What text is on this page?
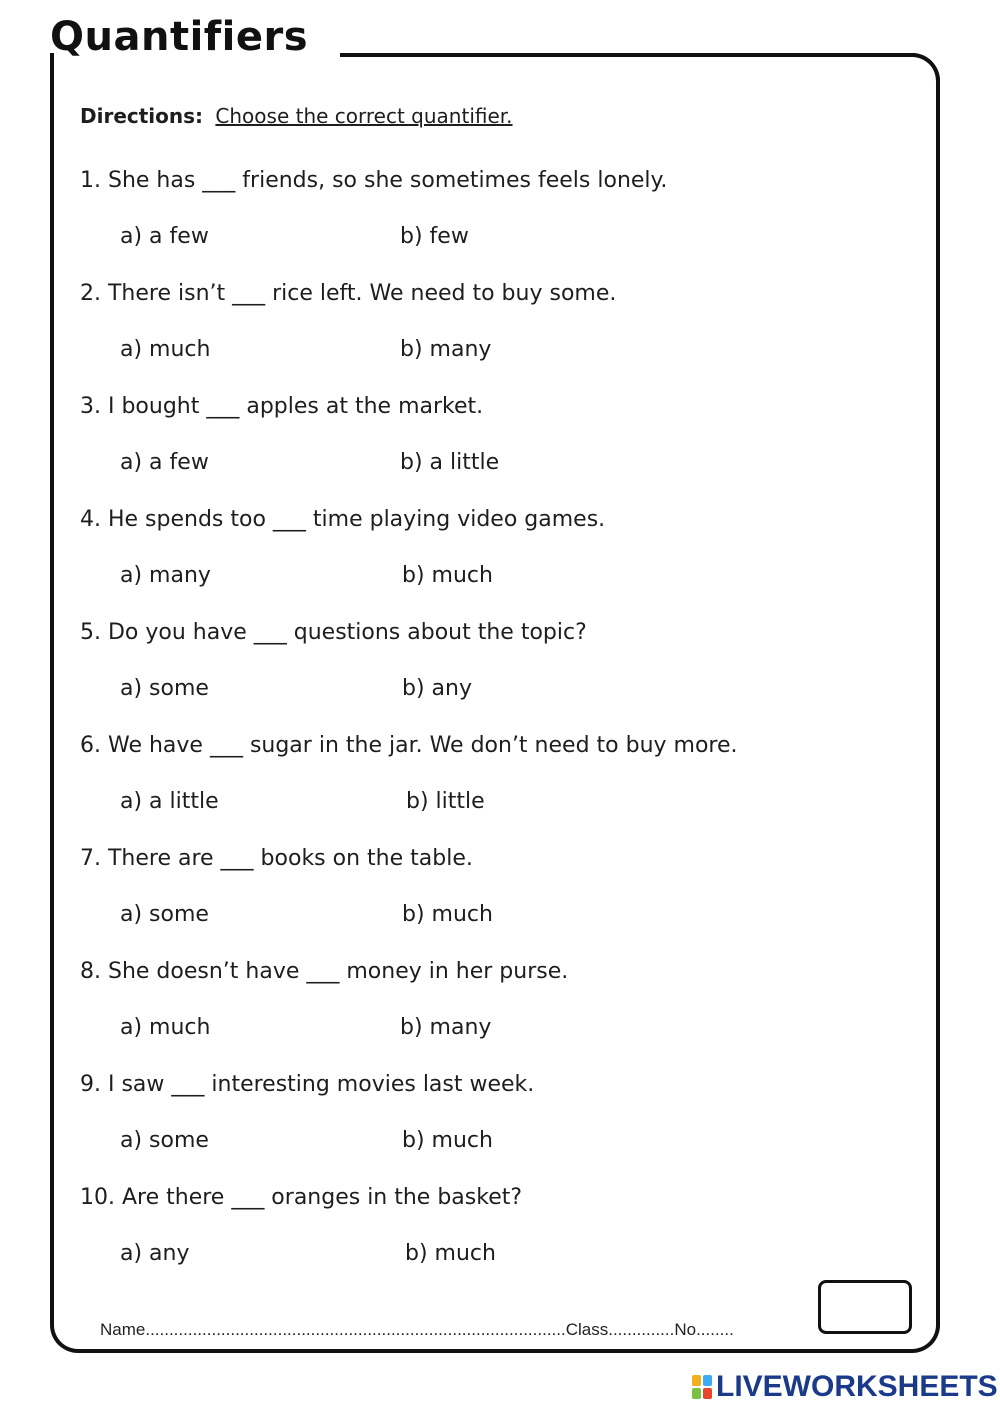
Quantifiers
Directions: Choose the correct quantifier.
1. She has ___ friends, so she sometimes feels lonely.
a) a few	b) few
2. There isn’t ___ rice left. We need to buy some.
a) much	b) many
3. I bought ___ apples at the market.
a) a few	b) a little
4. He spends too ___ time playing video games.
a) many	b) much
5. Do you have ___ questions about the topic?
a) some	b) any
6. We have ___ sugar in the jar. We don’t need to buy more.
a) a little	b) little
7. There are ___ books on the table.
a) some	b) much
8. She doesn’t have ___ money in her purse.
a) much	b) many
9. I saw ___ interesting movies last week.
a) some	b) much
10. Are there ___ oranges in the basket?
a) any	b) much
Name.........................................................................................Class..............No........
LIVEWORKSHEETS
